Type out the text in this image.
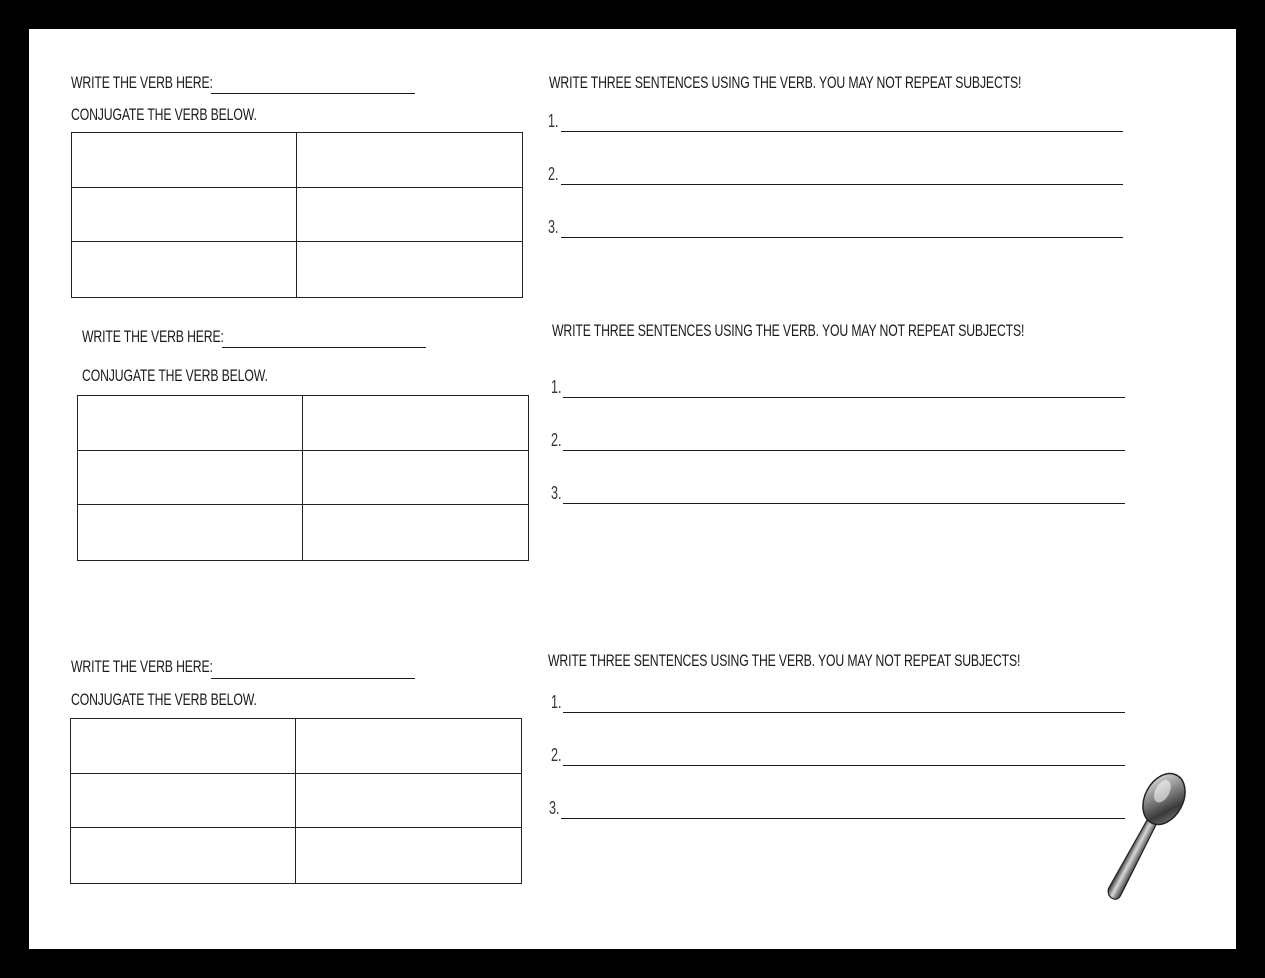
WRITE THE VERB HERE:
CONJUGATE THE VERB BELOW.
WRITE THREE SENTENCES USING THE VERB. YOU MAY NOT REPEAT SUBJECTS!
1.
2.
3.
WRITE THE VERB HERE:
CONJUGATE THE VERB BELOW.
WRITE THREE SENTENCES USING THE VERB. YOU MAY NOT REPEAT SUBJECTS!
1.
2.
3.
WRITE THE VERB HERE:
CONJUGATE THE VERB BELOW.
WRITE THREE SENTENCES USING THE VERB. YOU MAY NOT REPEAT SUBJECTS!
1.
2.
3.
